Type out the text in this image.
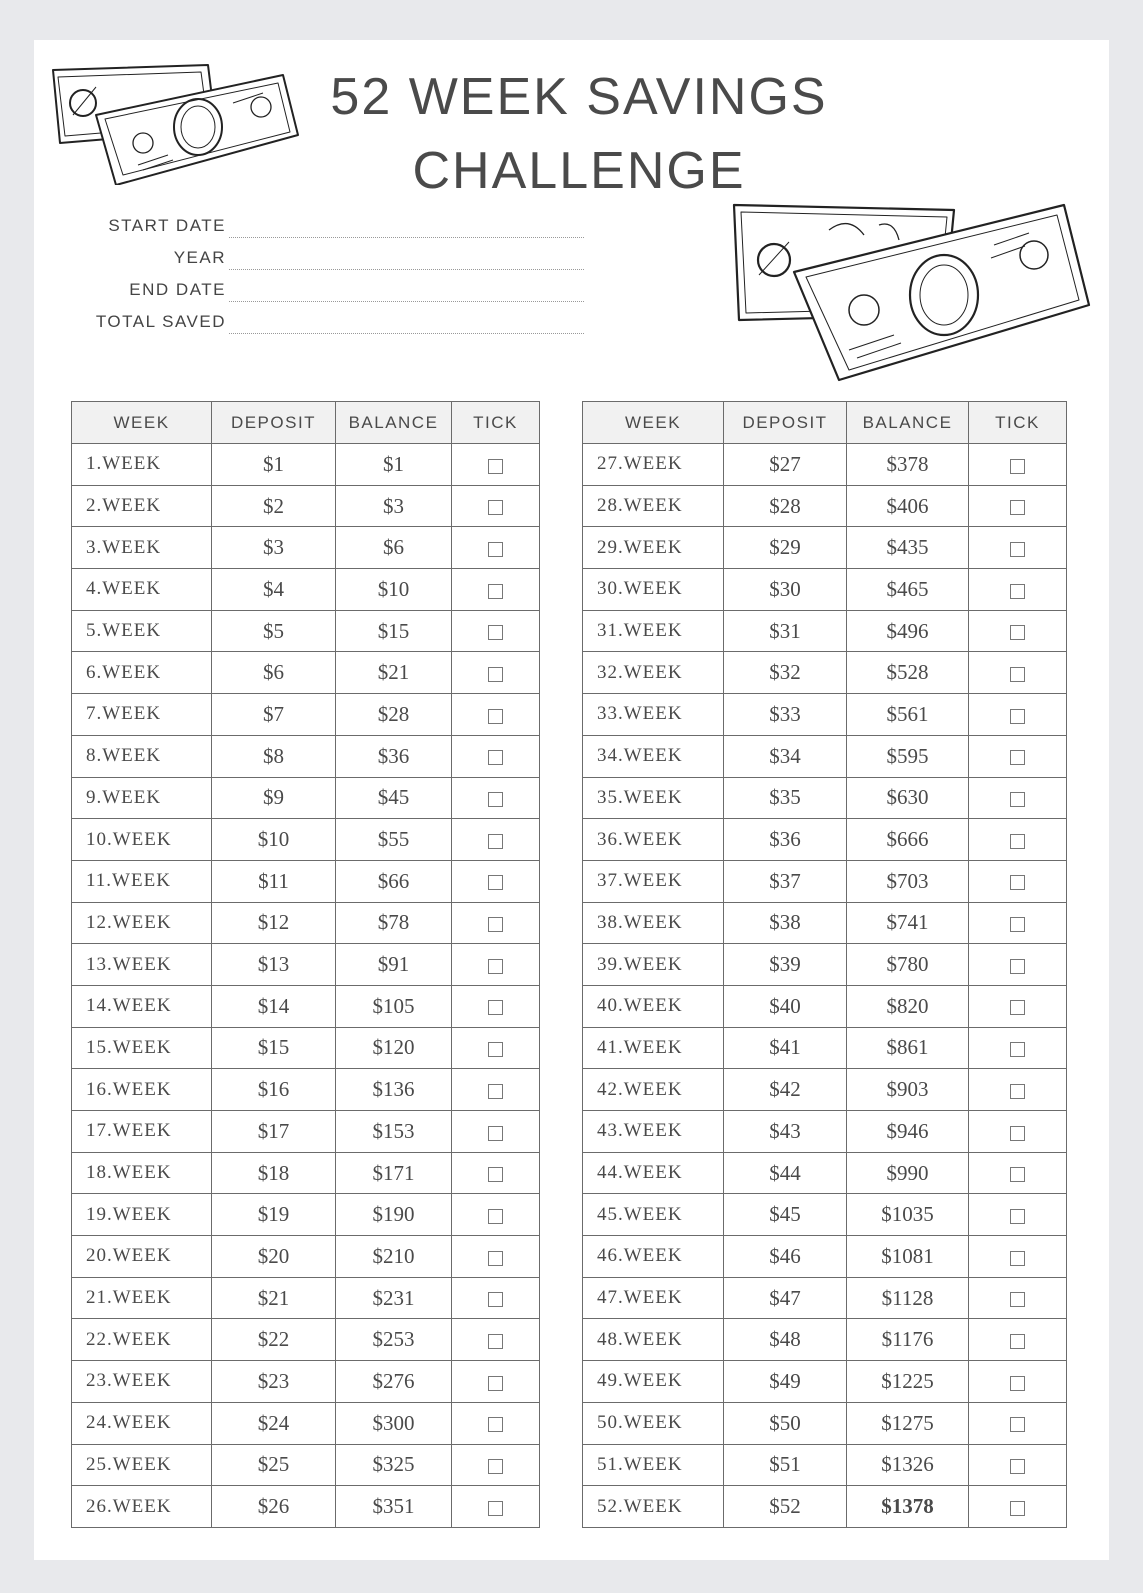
52 WEEK SAVINGS
CHALLENGE
START DATE
YEAR
END DATE
TOTAL SAVED
WEEK	DEPOSIT	BALANCE	TICK
1.WEEK	$1	$1	
2.WEEK	$2	$3	
3.WEEK	$3	$6	
4.WEEK	$4	$10	
5.WEEK	$5	$15	
6.WEEK	$6	$21	
7.WEEK	$7	$28	
8.WEEK	$8	$36	
9.WEEK	$9	$45	
10.WEEK	$10	$55	
11.WEEK	$11	$66	
12.WEEK	$12	$78	
13.WEEK	$13	$91	
14.WEEK	$14	$105	
15.WEEK	$15	$120	
16.WEEK	$16	$136	
17.WEEK	$17	$153	
18.WEEK	$18	$171	
19.WEEK	$19	$190	
20.WEEK	$20	$210	
21.WEEK	$21	$231	
22.WEEK	$22	$253	
23.WEEK	$23	$276	
24.WEEK	$24	$300	
25.WEEK	$25	$325	
26.WEEK	$26	$351	
WEEK	DEPOSIT	BALANCE	TICK
27.WEEK	$27	$378	
28.WEEK	$28	$406	
29.WEEK	$29	$435	
30.WEEK	$30	$465	
31.WEEK	$31	$496	
32.WEEK	$32	$528	
33.WEEK	$33	$561	
34.WEEK	$34	$595	
35.WEEK	$35	$630	
36.WEEK	$36	$666	
37.WEEK	$37	$703	
38.WEEK	$38	$741	
39.WEEK	$39	$780	
40.WEEK	$40	$820	
41.WEEK	$41	$861	
42.WEEK	$42	$903	
43.WEEK	$43	$946	
44.WEEK	$44	$990	
45.WEEK	$45	$1035	
46.WEEK	$46	$1081	
47.WEEK	$47	$1128	
48.WEEK	$48	$1176	
49.WEEK	$49	$1225	
50.WEEK	$50	$1275	
51.WEEK	$51	$1326	
52.WEEK	$52	$1378	
